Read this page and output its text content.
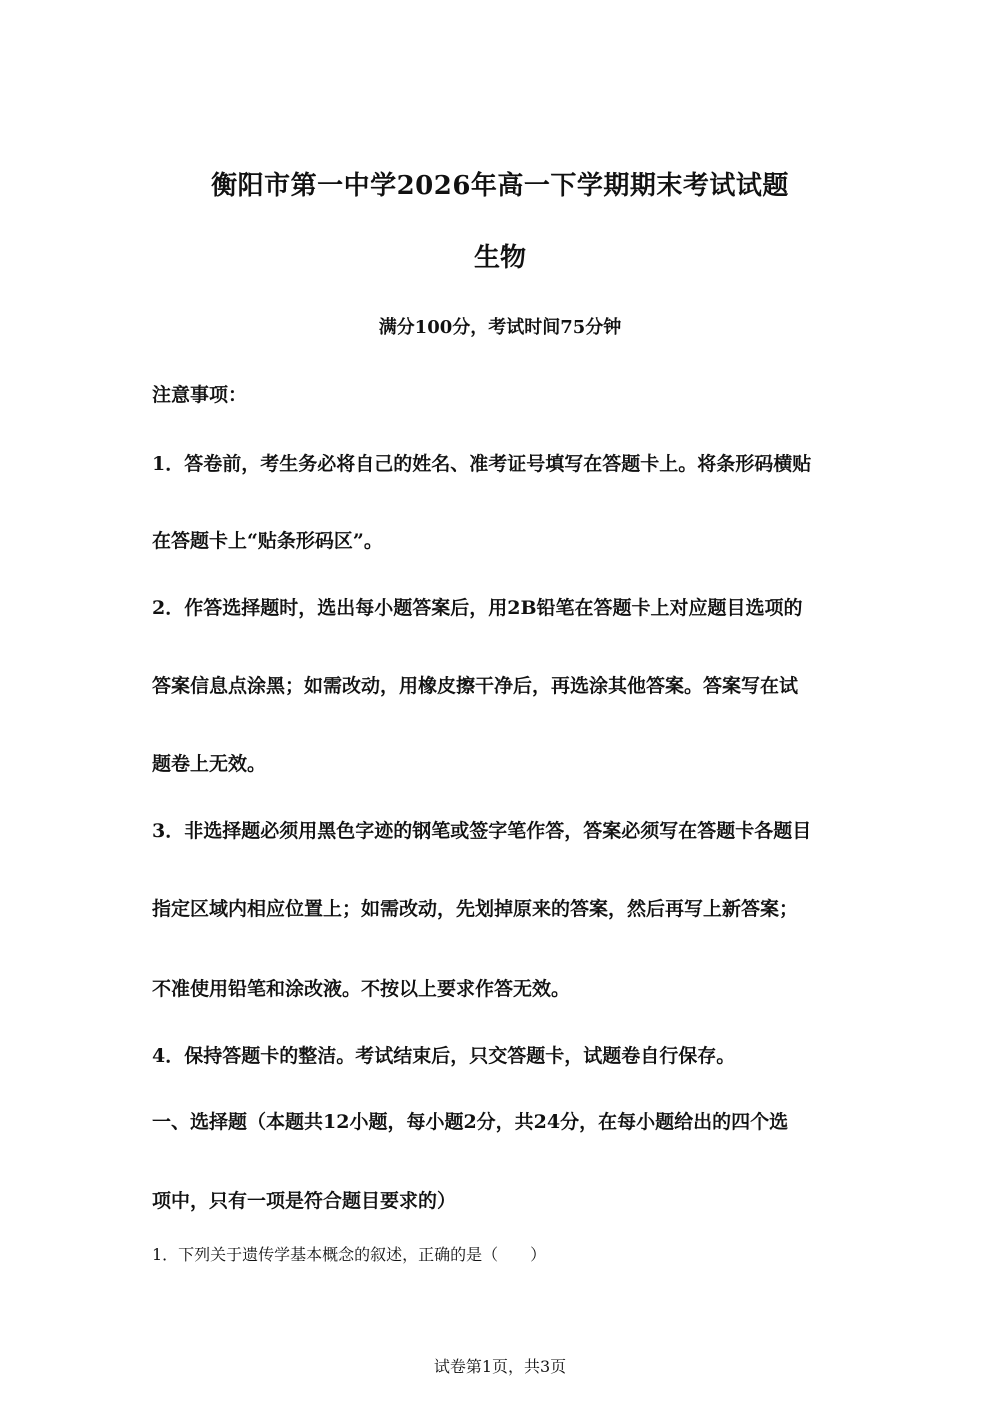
衡阳市第一中学2026年高一下学期期末考试试题
生物
满分100分，考试时间75分钟
注意事项：
1．答卷前，考生务必将自己的姓名、准考证号填写在答题卡上。将条形码横贴
在答题卡上“贴条形码区”。
2．作答选择题时，选出每小题答案后，用2B铅笔在答题卡上对应题目选项的
答案信息点涂黑；如需改动，用橡皮擦干净后，再选涂其他答案。答案写在试
题卷上无效。
3．非选择题必须用黑色字迹的钢笔或签字笔作答，答案必须写在答题卡各题目
指定区域内相应位置上；如需改动，先划掉原来的答案，然后再写上新答案；
不准使用铅笔和涂改液。不按以上要求作答无效。
4．保持答题卡的整洁。考试结束后，只交答题卡，试题卷自行保存。
一、选择题（本题共12小题，每小题2分，共24分，在每小题给出的四个选
项中，只有一项是符合题目要求的）
1．下列关于遗传学基本概念的叙述，正确的是（　　）
试卷第1页，共3页
